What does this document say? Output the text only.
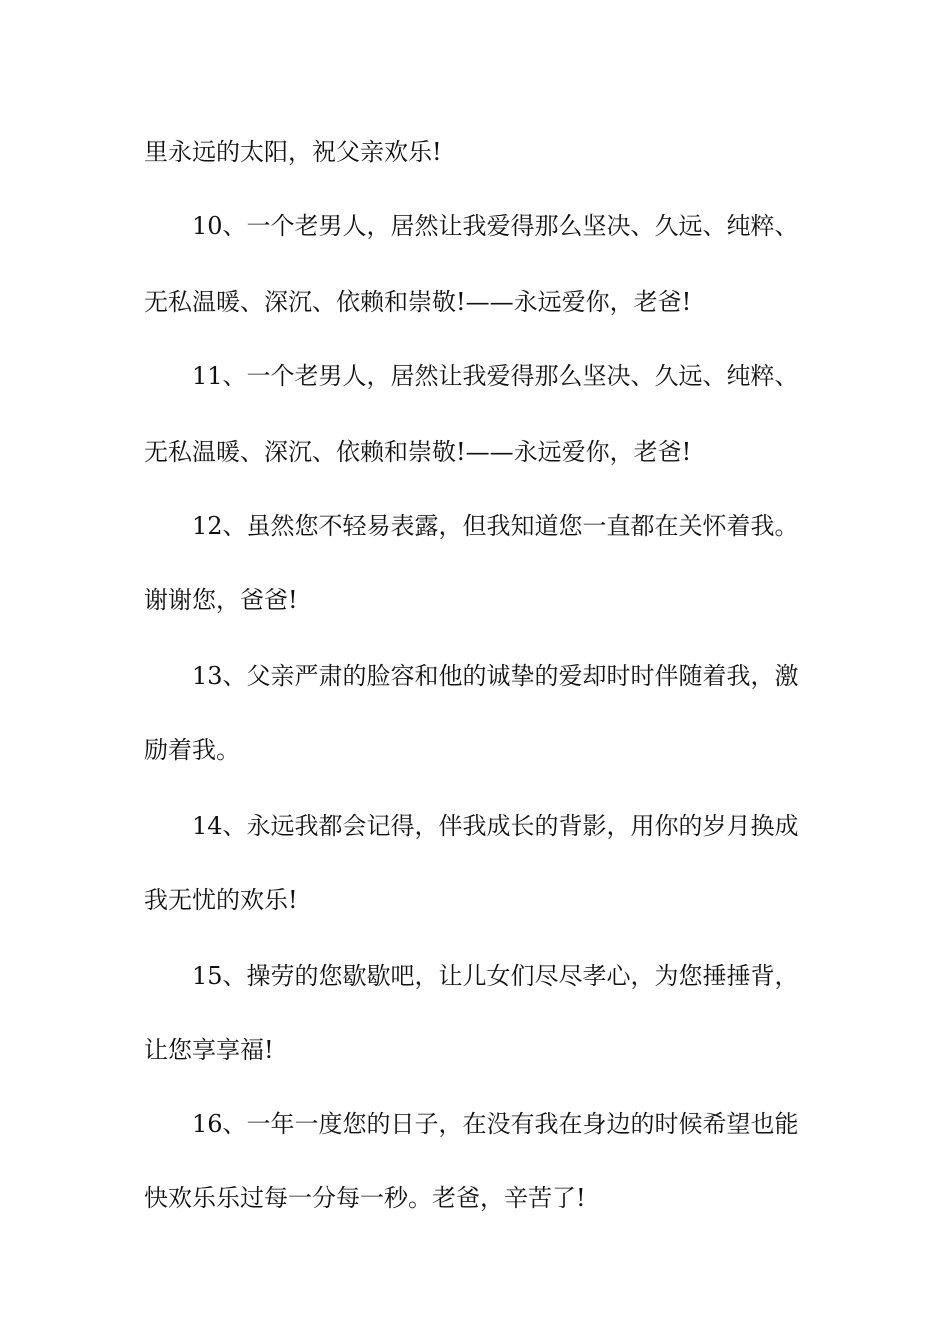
里永远的太阳，祝父亲欢乐!
10、一个老男人，居然让我爱得那么坚决、久远、纯粹、
无私温暖、深沉、依赖和崇敬!——永远爱你，老爸!
11、一个老男人，居然让我爱得那么坚决、久远、纯粹、
无私温暖、深沉、依赖和崇敬!——永远爱你，老爸!
12、虽然您不轻易表露，但我知道您一直都在关怀着我。
谢谢您，爸爸!
13、父亲严肃的脸容和他的诚挚的爱却时时伴随着我，激
励着我。
14、永远我都会记得，伴我成长的背影，用你的岁月换成
我无忧的欢乐!
15、操劳的您歇歇吧，让儿女们尽尽孝心，为您捶捶背，
让您享享福!
16、一年一度您的日子，在没有我在身边的时候希望也能
快欢乐乐过每一分每一秒。老爸，辛苦了!
